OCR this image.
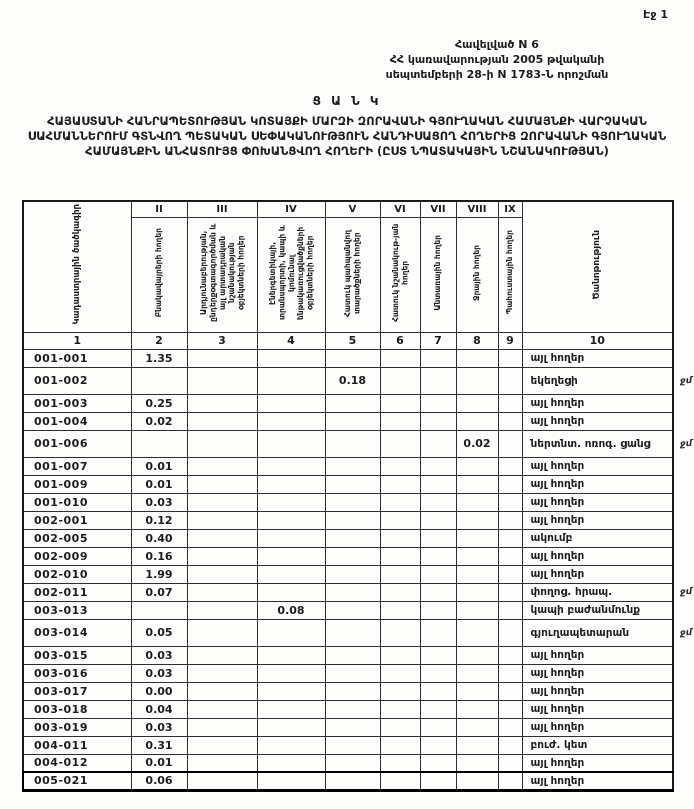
Էջ 1
Հավելված N 6
ՀՀ կառավարության 2005 թվականի
սեպտեմբերի 28-ի N 1783-Ն որոշման
Ց Ա Ն Կ
ՀԱՅԱՍՏԱՆԻ ՀԱՆՐԱՊԵՏՈՒԹՅԱՆ ԿՈՏԱՅՔԻ ՄԱՐԶԻ ԶՈՐԱՎԱՆԻ ԳՅՈՒՂԱԿԱՆ ՀԱՄԱՅՆՔԻ ՎԱՐՉԱԿԱՆ ՍԱՀՄԱՆՆԵՐՈՒՄ ԳՏՆՎՈՂ ՊԵՏԱԿԱՆ ՍԵՓԱԿԱՆՈՒԹՅՈՒՆ ՀԱՆԴԻՍԱՑՈՂ ՀՈՂԵՐԻՑ ԶՈՐԱՎԱՆԻ ԳՅՈՒՂԱԿԱՆ ՀԱՄԱՅՆՔԻՆ ԱՆՀԱՏՈՒՅՑ ՓՈԽԱՆՑՎՈՂ ՀՈՂԵՐԻ (ԸՍՏ ՆՊԱՏԱԿԱՅԻՆ ՆՇԱՆԱԿՈՒԹՅԱՆ)
Կադաստրային ծածկագիր	II	III	IV	V	VI	VII	VIII	IX	Ծանոթություն
	Բնակավայրերի հողեր	Արդյունաբերության, ընդերքօգտագործման և այլ արտադրական նշանակության օբյեկտների հողեր	Էներգետիկայի, տրանսպորտի, կապի և կոմունալ ենթակառուցվածքների օբյեկտների հողեր	Հատուկ պահպանվող տարածքների հողեր	Հատուկ նշանակութ-յան հողեր	Անտառային հողեր	Ջրային հողեր	Պահուստային հողեր	
1	2	3	4	5	6	7	8	9	10
001-001	1.35								այլ հողեր
001-002				0.18					եկեղեցի ջմ

001-003	0.25								այլ հողեր
001-004	0.02								այլ հողեր
001-006							0.02		ներտնտ. ոռոգ. ցանց ջմ

001-007	0.01								այլ հողեր
001-009	0.01								այլ հողեր
001-010	0.03								այլ հողեր
002-001	0.12								այլ հողեր
002-005	0.40								ակումբ
002-009	0.16								այլ հողեր
002-010	1.99								այլ հողեր
002-011	0.07								փողոց. հրապ. ջմ

003-013			0.08						կապի բաժանմունք
003-014	0.05								գյուղապետարան ջմ

003-015	0.03								այլ հողեր
003-016	0.03								այլ հողեր
003-017	0.00								այլ հողեր
003-018	0.04								այլ հողեր
003-019	0.03								այլ հողեր
004-011	0.31								բուժ. կետ
004-012	0.01								այլ հողեր
005-021	0.06								այլ հողեր
